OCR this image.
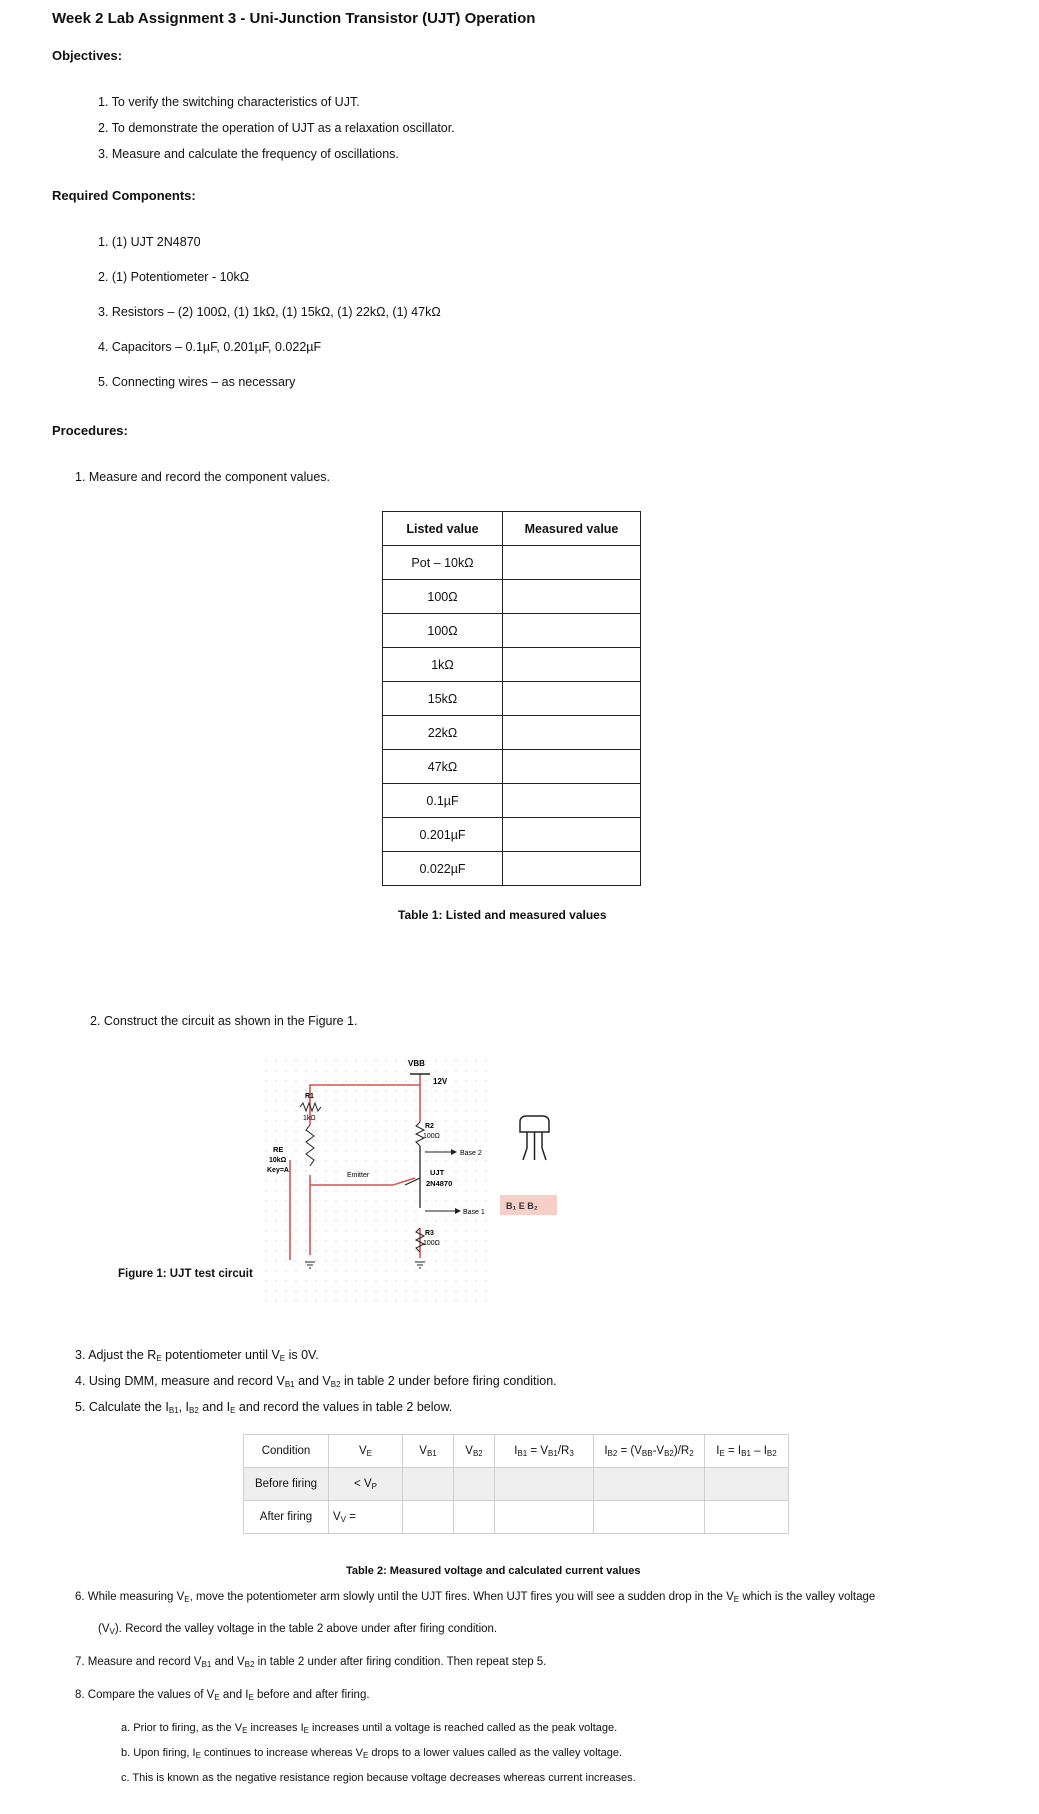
Week 2 Lab Assignment 3 - Uni-Junction Transistor (UJT) Operation
Objectives:
1. To verify the switching characteristics of UJT.
2. To demonstrate the operation of UJT as a relaxation oscillator.
3. Measure and calculate the frequency of oscillations.
Required Components:
1. (1) UJT 2N4870
2. (1) Potentiometer - 10kΩ
3. Resistors – (2) 100Ω, (1) 1kΩ, (1) 15kΩ, (1) 22kΩ, (1) 47kΩ
4. Capacitors – 0.1µF, 0.201µF, 0.022µF
5. Connecting wires – as necessary
Procedures:
1. Measure and record the component values.
Listed value	Measured value
Pot – 10kΩ	
100Ω	
100Ω	
1kΩ	
15kΩ	
22kΩ	
47kΩ	
0.1µF	
0.201µF	
0.022µF	
Table 1: Listed and measured values
2. Construct the circuit as shown in the Figure 1.
Figure 1: UJT test circuit
VBB
12V
R1
1kΩ
RE
10kΩ
Key=A
Emitter
R2
100Ω
UJT
2N4870
Base 2
Base 1
R3
100Ω
B₁ E B₂
3. Adjust the $R_E$ potentiometer until $V_E$ is 0V.
4. Using DMM, measure and record $V_{B1}$ and $V_{B2}$ in table 2 under before firing condition.
5. Calculate the $I_{B1}$, $I_{B2}$ and $I_E$ and record the values in table 2 below.
Condition	$V_E$	$V_{B1}$	$V_{B2}$	$I_{B1} = V_{B1}/R_3$	$I_{B2} = (V_{BB}-V_{B2})/R_2$	$I_E = I_{B1} - I_{B2}$
Before firing	< $V_P$					
After firing	$V_V$ =					
Table 2: Measured voltage and calculated current values
6. While measuring $V_E$, move the potentiometer arm slowly until the UJT fires. When UJT fires you will see a sudden drop in the $V_E$ which is the valley voltage
$(V_V)$. Record the valley voltage in the table 2 above under after firing condition.
7. Measure and record $V_{B1}$ and $V_{B2}$ in table 2 under after firing condition. Then repeat step 5.
8. Compare the values of $V_E$ and $I_E$ before and after firing.
a. Prior to firing, as the $V_E$ increases $I_E$ increases until a voltage is reached called as the peak voltage.
b. Upon firing, $I_E$ continues to increase whereas $V_E$ drops to a lower values called as the valley voltage.
c. This is known as the negative resistance region because voltage decreases whereas current increases.
